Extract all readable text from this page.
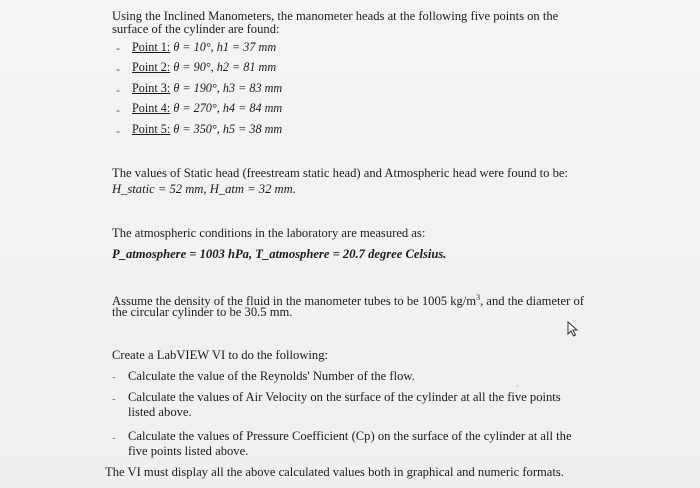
Using the Inclined Manometers, the manometer heads at the following five points on the
surface of the cylinder are found:
- Point 1: θ = 10°, h1 = 37 mm
- Point 2: θ = 90°, h2 = 81 mm
- Point 3: θ = 190°, h3 = 83 mm
- Point 4: θ = 270°, h4 = 84 mm
- Point 5: θ = 350°, h5 = 38 mm
The values of Static head (freestream static head) and Atmospheric head were found to be:
H_static = 52 mm, H_atm = 32 mm.
The atmospheric conditions in the laboratory are measured as:
P_atmosphere = 1003 hPa, T_atmosphere = 20.7 degree Celsius.
Assume the density of the fluid in the manometer tubes to be 1005 $kg/m^3$, and the diameter of
the circular cylinder to be 30.5 mm.
Create a LabVIEW VI to do the following:
- Calculate the value of the Reynolds' Number of the flow.
·
- Calculate the values of Air Velocity on the surface of the cylinder at all the five points
listed above.
- Calculate the values of Pressure Coefficient (Cp) on the surface of the cylinder at all the
five points listed above.
The VI must display all the above calculated values both in graphical and numeric formats.
